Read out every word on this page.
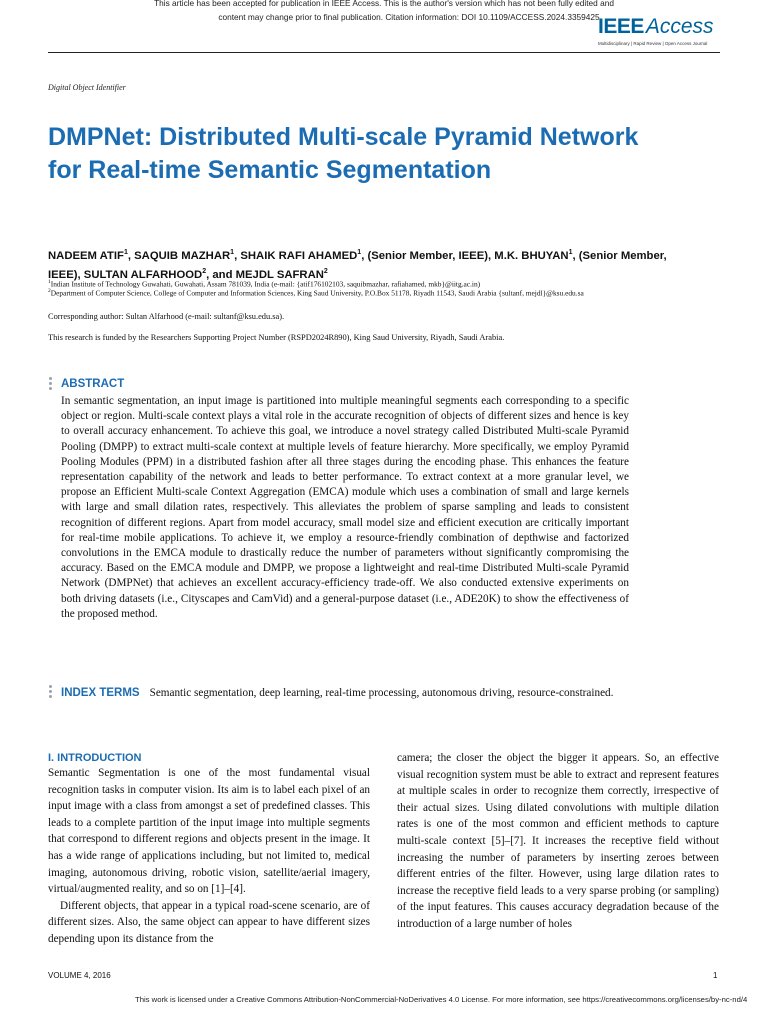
This article has been accepted for publication in IEEE Access. This is the author's version which has not been fully edited and
content may change prior to final publication. Citation information: DOI 10.1109/ACCESS.2024.3359425
IEEEAccess
Multidisciplinary | Rapid Review | Open Access Journal
Digital Object Identifier
DMPNet: Distributed Multi-scale Pyramid Network for Real-time Semantic Segmentation
NADEEM ATIF$^1$, SAQUIB MAZHAR$^1$, SHAIK RAFI AHAMED$^1$, (Senior Member, IEEE), M.K. BHUYAN$^1$, (Senior Member, IEEE), SULTAN ALFARHOOD$^2$, and MEJDL SAFRAN$^2$
$^1$Indian Institute of Technology Guwahati, Guwahati, Assam 781039, India (e-mail: {atif176102103, saquibmazhar, rafiahamed, mkb}@iitg.ac.in)
$^2$Department of Computer Science, College of Computer and Information Sciences, King Saud University, P.O.Box 51178, Riyadh 11543, Saudi Arabia {sultanf, mejdl}@ksu.edu.sa
Corresponding author: Sultan Alfarhood (e-mail: sultanf@ksu.edu.sa).
This research is funded by the Researchers Supporting Project Number (RSPD2024R890), King Saud University, Riyadh, Saudi Arabia.
ABSTRACT

In semantic segmentation, an input image is partitioned into multiple meaningful segments each corresponding to a specific object or region. Multi-scale context plays a vital role in the accurate recognition of objects of different sizes and hence is key to overall accuracy enhancement. To achieve this goal, we introduce a novel strategy called Distributed Multi-scale Pyramid Pooling (DMPP) to extract multi-scale context at multiple levels of feature hierarchy. More specifically, we employ Pyramid Pooling Modules (PPM) in a distributed fashion after all three stages during the encoding phase. This enhances the feature representation capability of the network and leads to better performance. To extract context at a more granular level, we propose an Efficient Multi-scale Context Aggregation (EMCA) module which uses a combination of small and large kernels with large and small dilation rates, respectively. This alleviates the problem of sparse sampling and leads to consistent recognition of different regions. Apart from model accuracy, small model size and efficient execution are critically important for real-time mobile applications. To achieve it, we employ a resource-friendly combination of depthwise and factorized convolutions in the EMCA module to drastically reduce the number of parameters without significantly compromising the accuracy. Based on the EMCA module and DMPP, we propose a lightweight and real-time Distributed Multi-scale Pyramid Network (DMPNet) that achieves an excellent accuracy-efficiency trade-off. We also conducted extensive experiments on both driving datasets (i.e., Cityscapes and CamVid) and a general-purpose dataset (i.e., ADE20K) to show the effectiveness of the proposed method.

INDEX TERMS Semantic segmentation, deep learning, real-time processing, autonomous driving, resource-constrained.

I. INTRODUCTION

Semantic Segmentation is one of the most fundamental visual recognition tasks in computer vision. Its aim is to label each pixel of an input image with a class from amongst a set of predefined classes. This leads to a complete partition of the input image into multiple segments that correspond to different regions and objects present in the image. It has a wide range of applications including, but not limited to, medical imaging, autonomous driving, robotic vision, satellite/aerial imagery, virtual/augmented reality, and so on [1]–[4].

Different objects, that appear in a typical road-scene scenario, are of different sizes. Also, the same object can appear to have different sizes depending upon its distance from the

camera; the closer the object the bigger it appears. So, an effective visual recognition system must be able to extract and represent features at multiple scales in order to recognize them correctly, irrespective of their actual sizes. Using dilated convolutions with multiple dilation rates is one of the most common and efficient methods to capture multi-scale context [5]–[7]. It increases the receptive field without increasing the number of parameters by inserting zeroes between different entries of the filter. However, using large dilation rates to increase the receptive field leads to a very sparse probing (or sampling) of the input features. This causes accuracy degradation because of the introduction of a large number of holes

VOLUME 4, 2016	1
This work is licensed under a Creative Commons Attribution-NonCommercial-NoDerivatives 4.0 License. For more information, see https://creativecommons.org/licenses/by-nc-nd/4
